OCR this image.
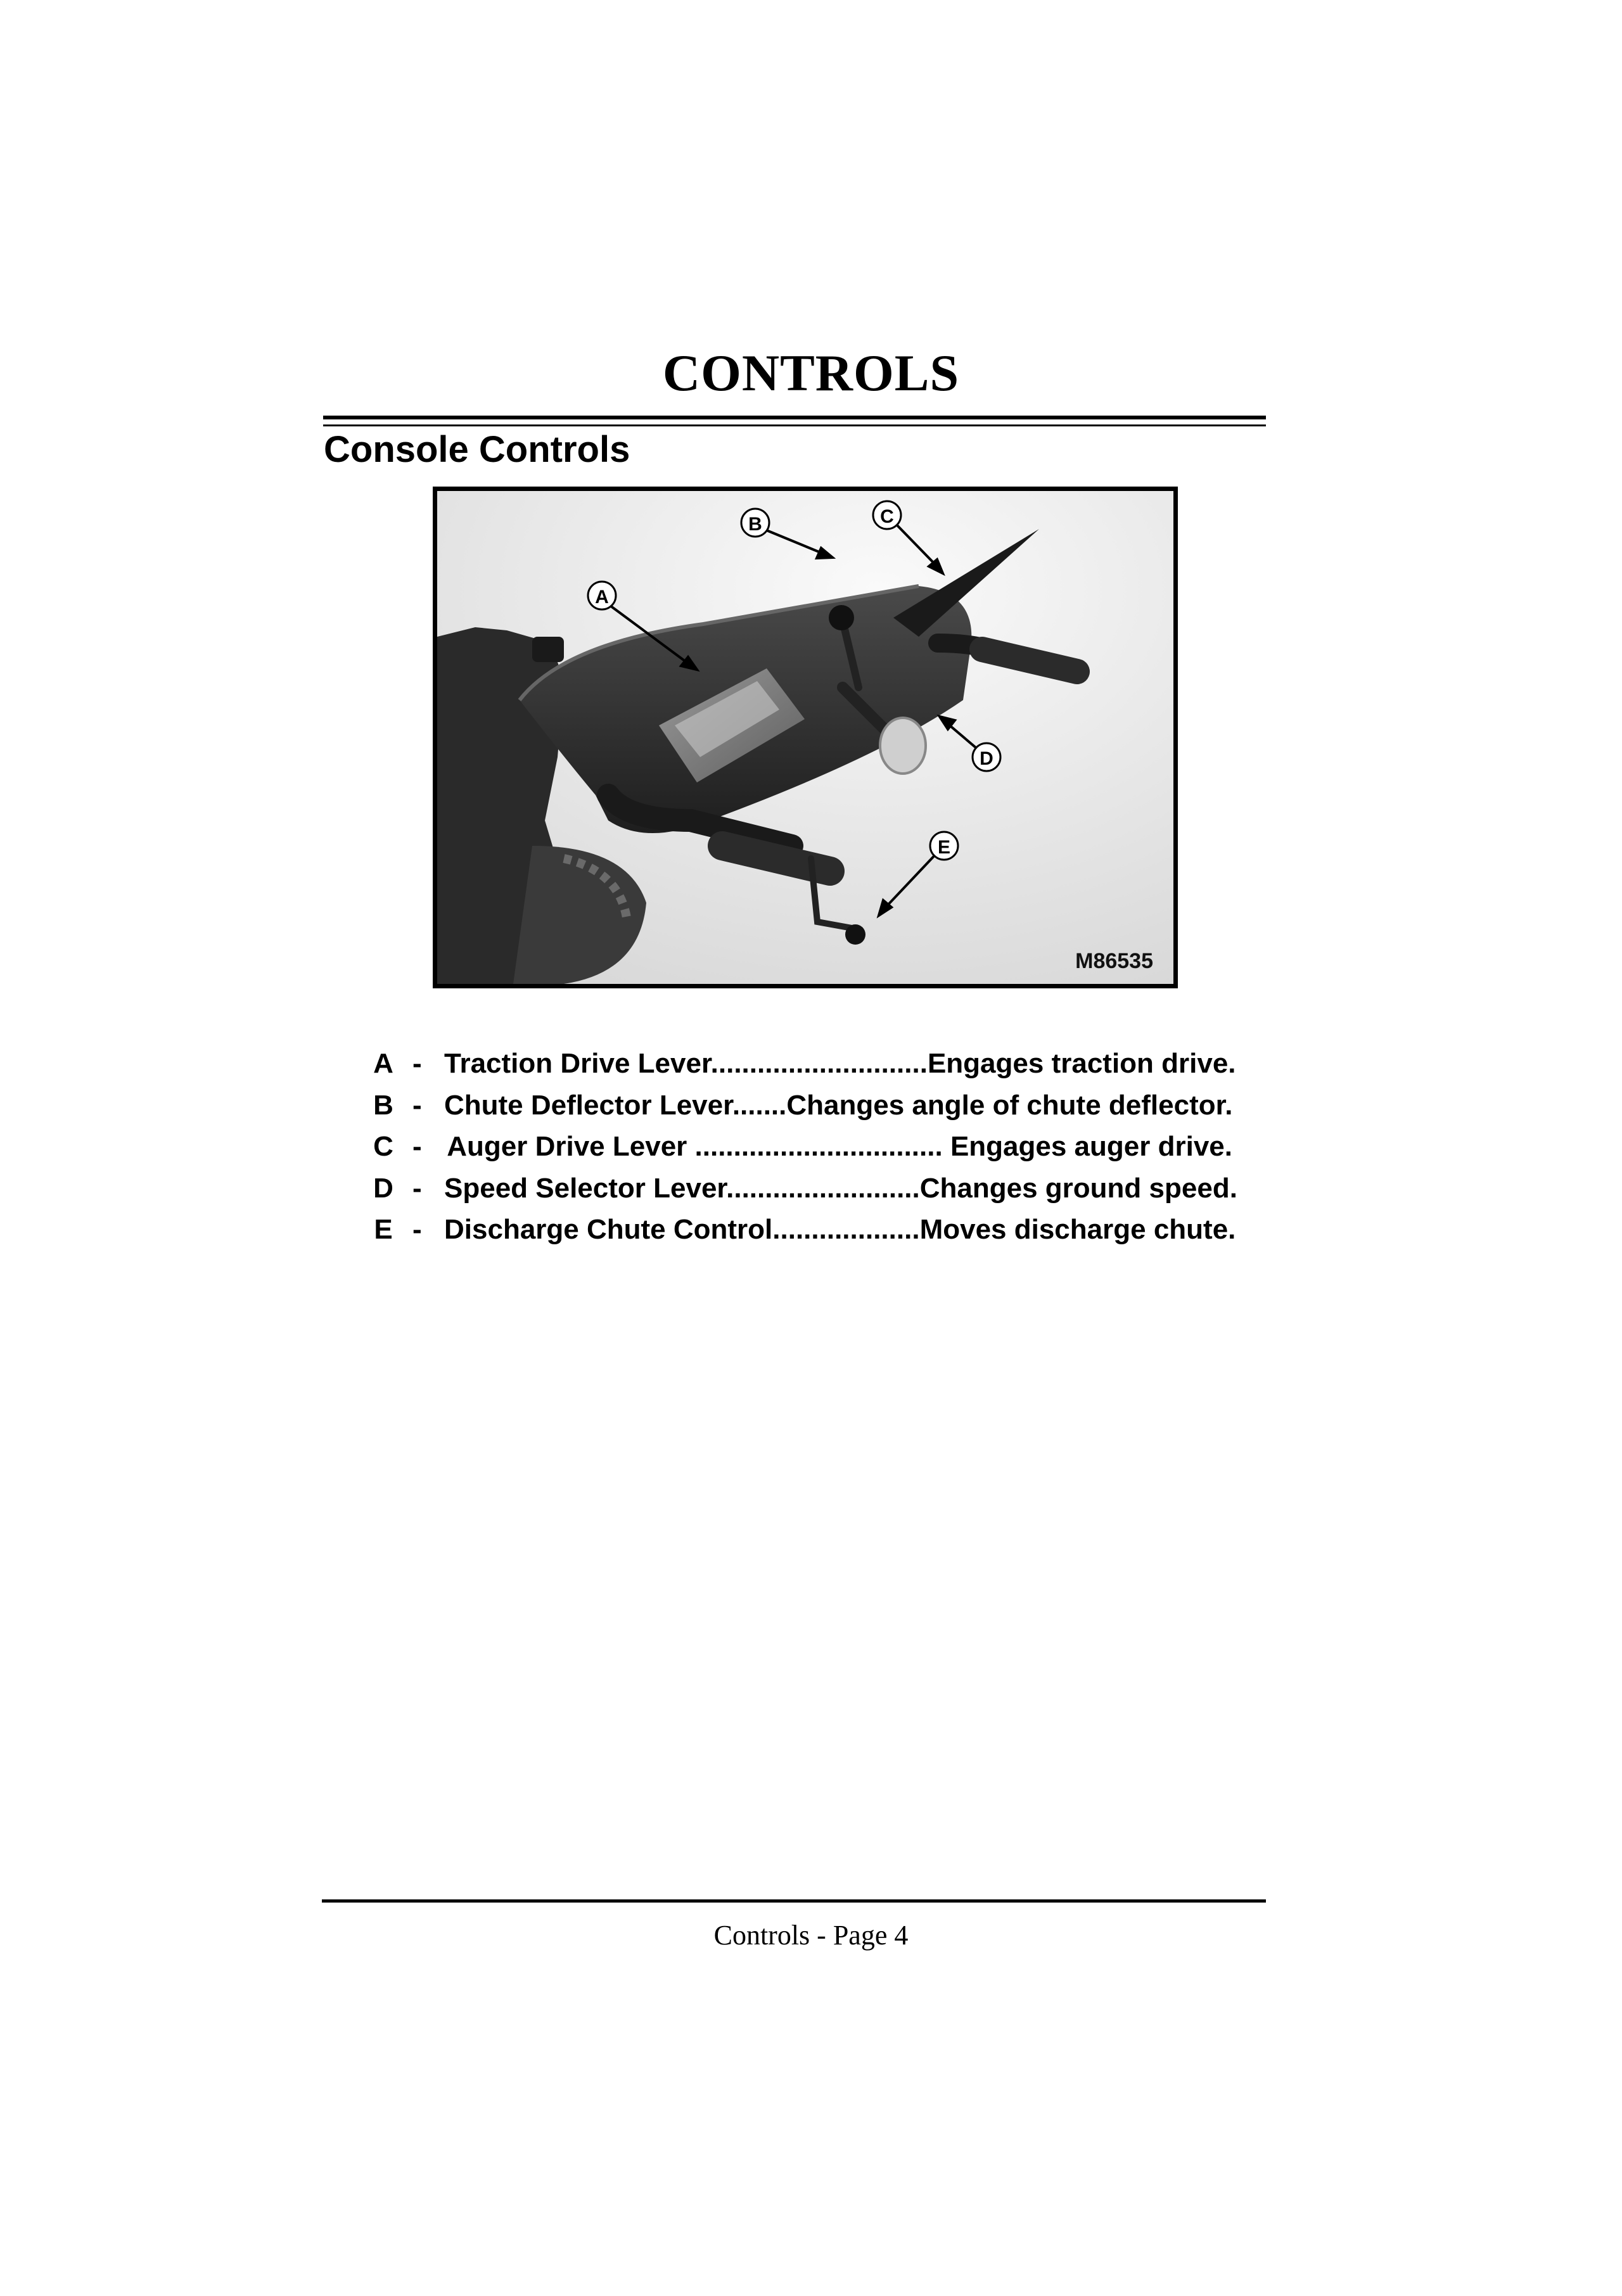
CONTROLS
Console Controls
A
B	C
D
E
M86535
A - Traction Drive Lever............................Engages traction drive.
B - Chute Deflector Lever.......Changes angle of chute deflector.
C - Auger Drive Lever ................................ Engages auger drive.
D - Speed Selector Lever.........................Changes ground speed.
E - Discharge Chute Control...................Moves discharge chute.
Controls - Page 4
